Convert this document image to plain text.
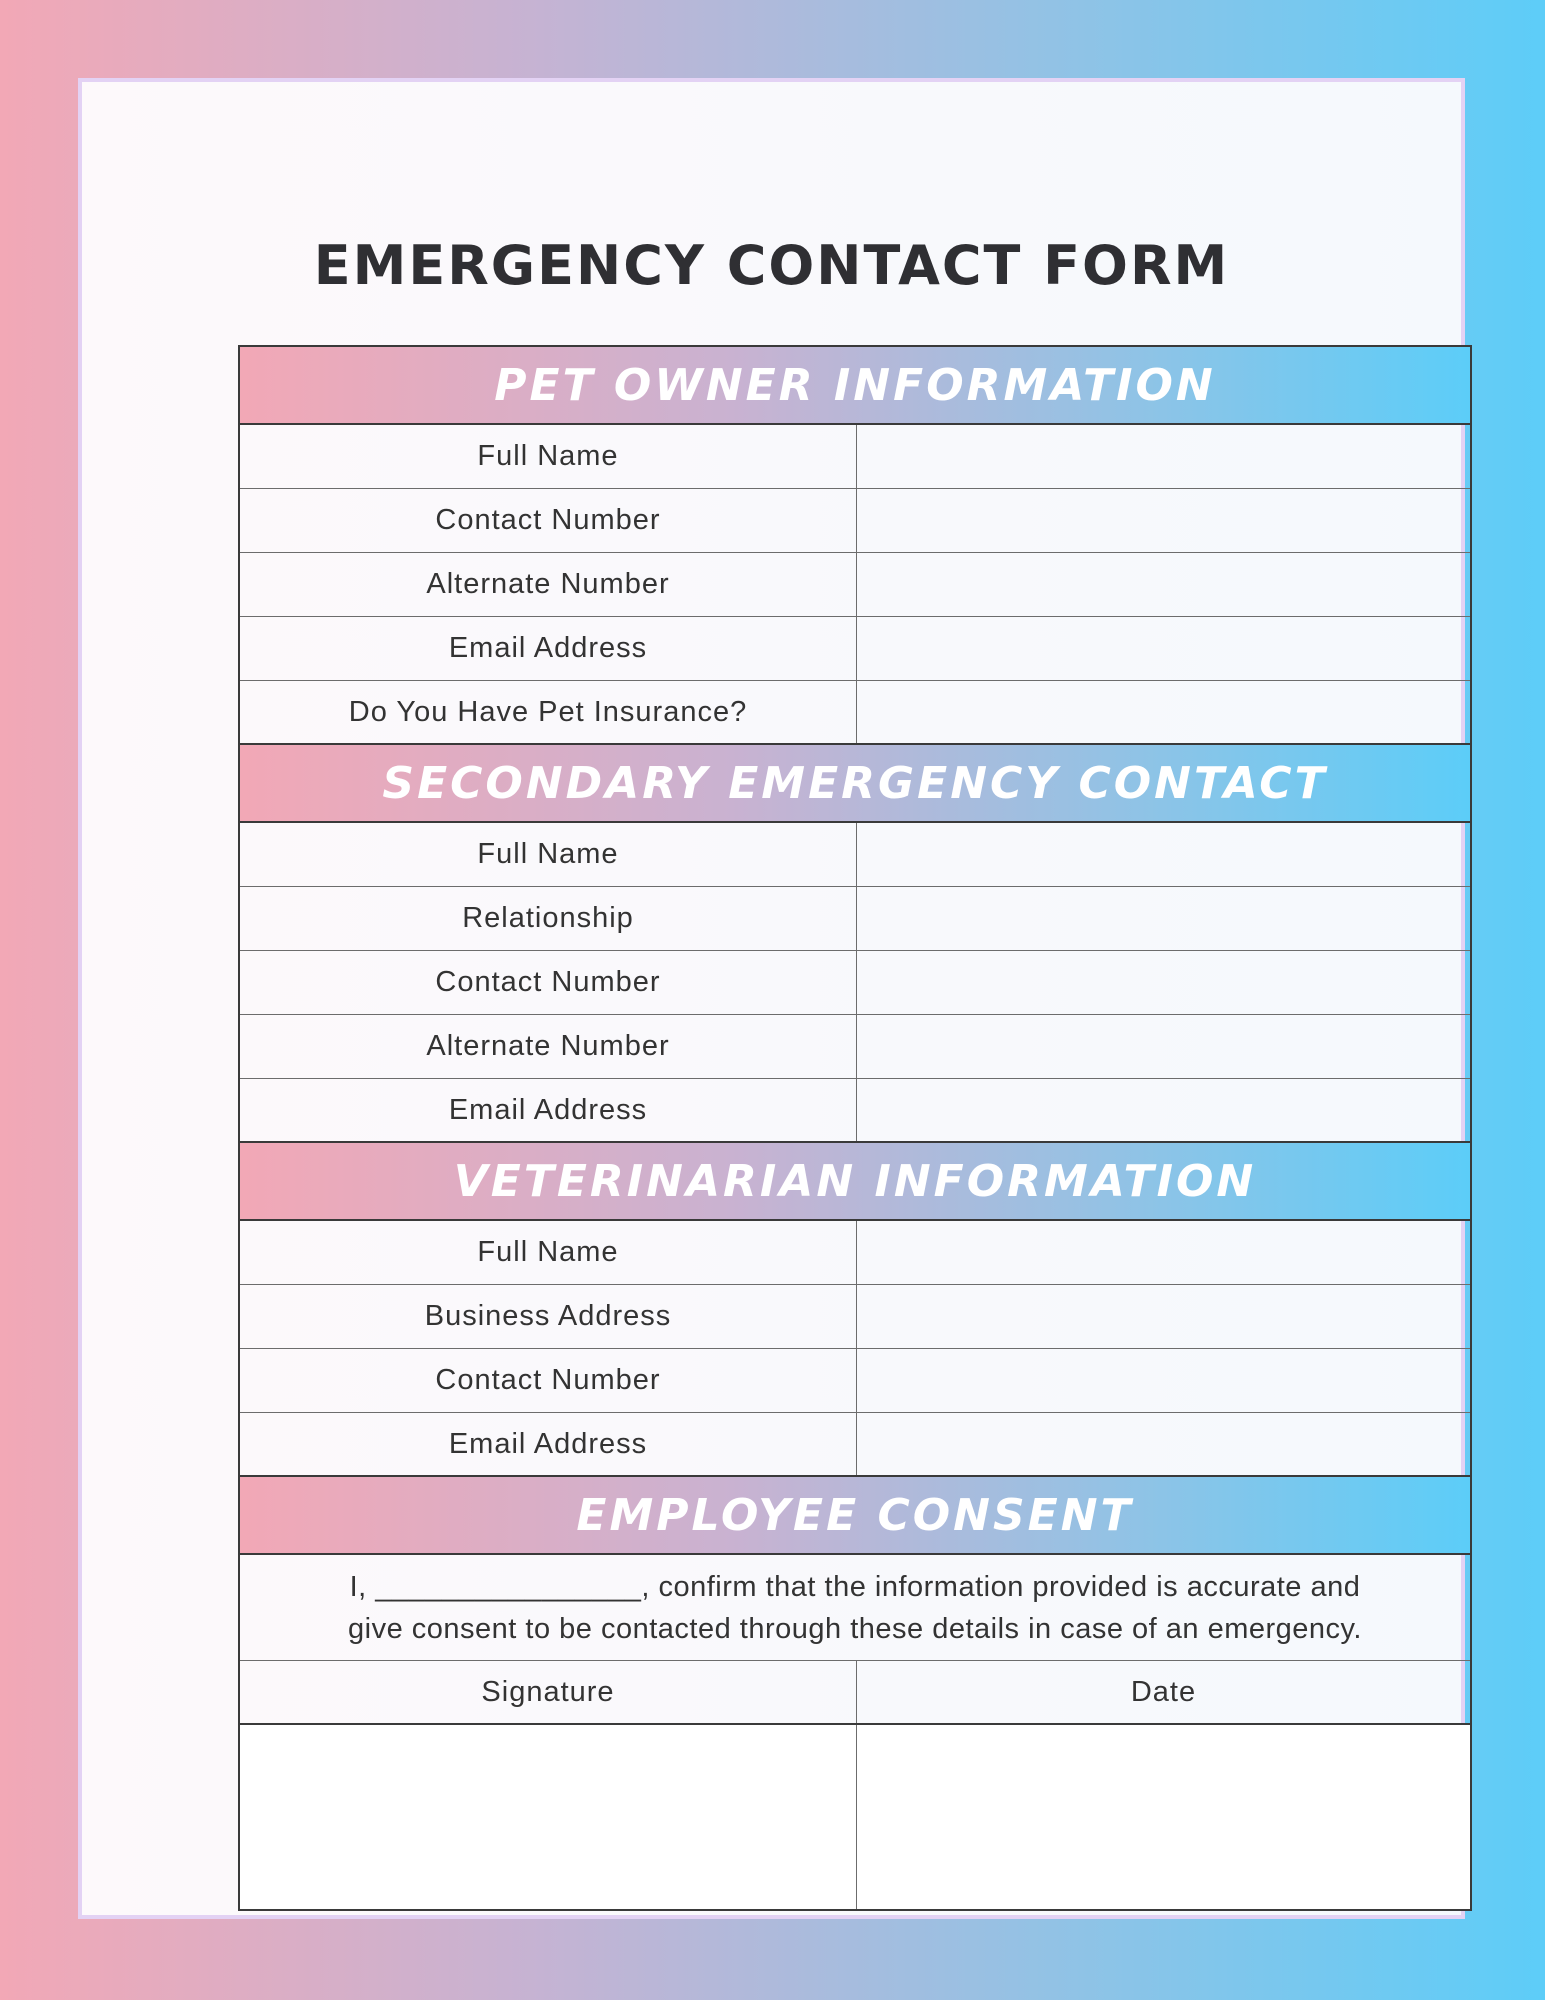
EMERGENCY CONTACT FORM
PET OWNER INFORMATION
Full Name
Contact Number
Alternate Number
Email Address
Do You Have Pet Insurance?
SECONDARY EMERGENCY CONTACT
Full Name
Relationship
Contact Number
Alternate Number
Email Address
VETERINARIAN INFORMATION
Full Name
Business Address
Contact Number
Email Address
EMPLOYEE CONSENT
I, ________________, confirm that the information provided is accurate and
give consent to be contacted through these details in case of an emergency.
Signature	Date
